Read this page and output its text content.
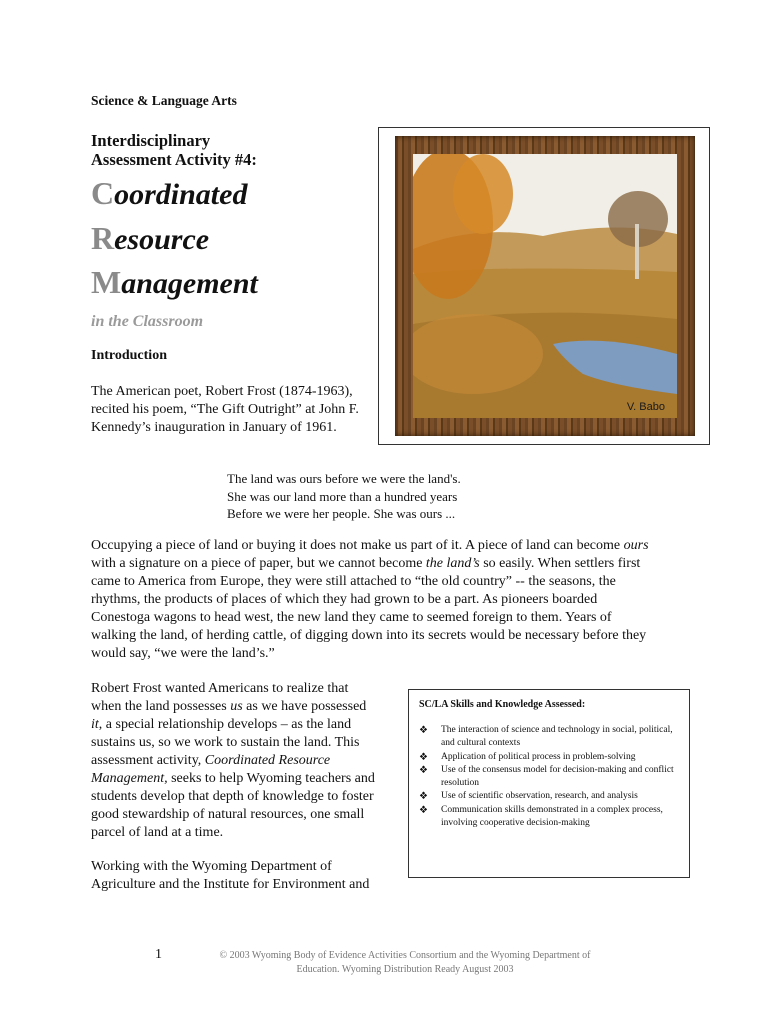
Science & Language Arts
Interdisciplinary
Assessment Activity #4:
Coordinated
Resource
Management
in the Classroom
Introduction
The American poet, Robert Frost (1874-1963), recited his poem, “The Gift Outright” at John F. Kennedy’s inauguration in January of 1961.
V. Babo
The land was ours before we were the land's.
She was our land more than a hundred years
Before we were her people. She was ours ...
Occupying a piece of land or buying it does not make us part of it. A piece of land can become ours with a signature on a piece of paper, but we cannot become the land’s so easily. When settlers first came to America from Europe, they were still attached to “the old country” -- the seasons, the rhythms, the products of places of which they had grown to be a part. As pioneers boarded Conestoga wagons to head west, the new land they came to seemed foreign to them. Years of walking the land, of herding cattle, of digging down into its secrets would be necessary before they would say, “we were the land’s.”
Robert Frost wanted Americans to realize that when the land possesses us as we have possessed it, a special relationship develops – as the land sustains us, so we work to sustain the land. This assessment activity, Coordinated Resource Management, seeks to help Wyoming teachers and students develop that depth of knowledge to foster good stewardship of natural resources, one small parcel of land at a time.
Working with the Wyoming Department of Agriculture and the Institute for Environment and
SC/LA Skills and Knowledge Assessed:
❖ The interaction of science and technology in social, political, and cultural contexts
❖ Application of political process in problem-solving
❖ Use of the consensus model for decision-making and conflict resolution
❖ Use of scientific observation, research, and analysis
❖ Communication skills demonstrated in a complex process, involving cooperative decision-making
1	© 2003 Wyoming Body of Evidence Activities Consortium and the Wyoming Department of
Education. Wyoming Distribution Ready August 2003
